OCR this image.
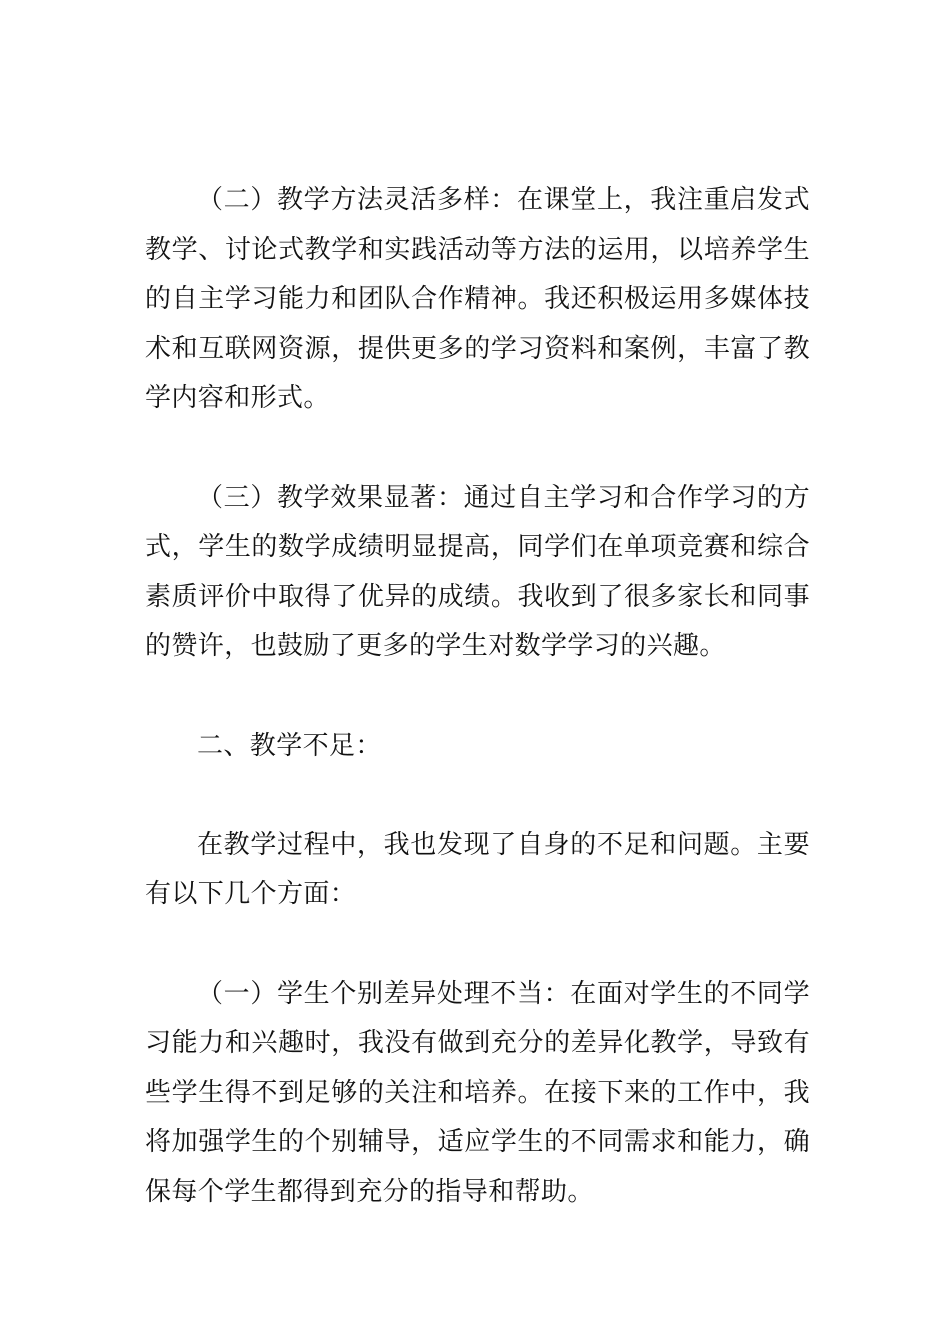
（二）教学方法灵活多样：在课堂上，我注重启发式教学、讨论式教学和实践活动等方法的运用，以培养学生的自主学习能力和团队合作精神。我还积极运用多媒体技术和互联网资源，提供更多的学习资料和案例，丰富了教学内容和形式。

（三）教学效果显著：通过自主学习和合作学习的方式，学生的数学成绩明显提高，同学们在单项竞赛和综合素质评价中取得了优异的成绩。我收到了很多家长和同事的赞许，也鼓励了更多的学生对数学学习的兴趣。

二、教学不足：

在教学过程中，我也发现了自身的不足和问题。主要有以下几个方面：

（一）学生个别差异处理不当：在面对学生的不同学习能力和兴趣时，我没有做到充分的差异化教学，导致有些学生得不到足够的关注和培养。在接下来的工作中，我将加强学生的个别辅导，适应学生的不同需求和能力，确保每个学生都得到充分的指导和帮助。
